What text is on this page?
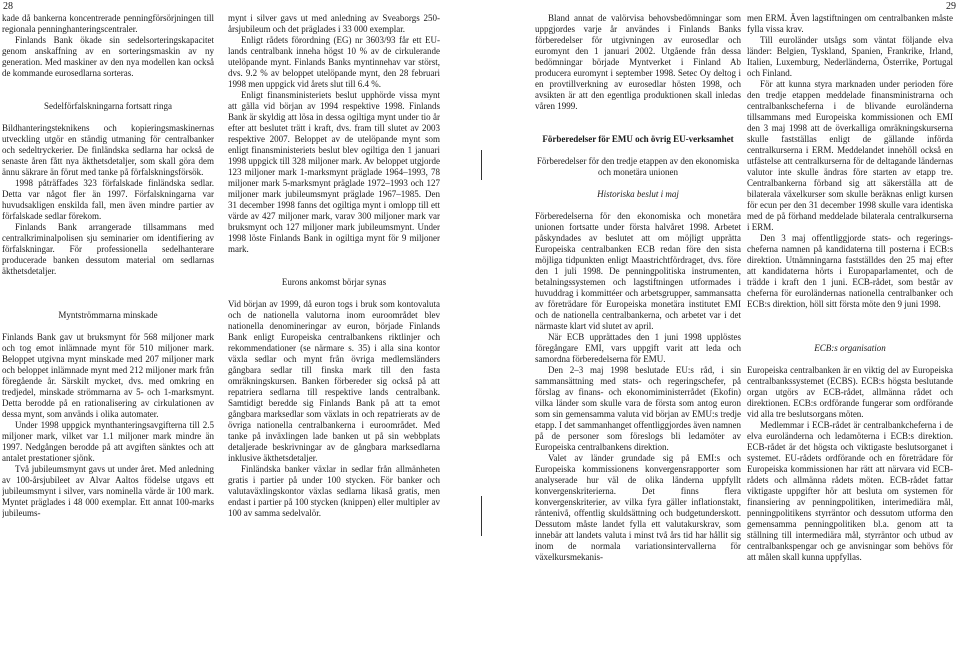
28	29

kade då bankerna koncentrerade penningförsörjningen till regionala penninghanteringscentraler.

Finlands Bank ökade sin sedelsorteringskapacitet genom anskaffning av en sorteringsmaskin av ny generation. Med maskiner av den nya modellen kan också de kommande eurosedlarna sorteras.

Sedelförfalskningarna fortsatt ringa

Bildhanteringsteknikens och kopieringsmaskinernas utveckling utgör en ständig utmaning för centralbanker och sedeltryckerier. De finländska sedlarna har också de senaste åren fått nya äkthetsdetaljer, som skall göra dem ännu säkrare än förut med tanke på förfalskningsförsök.

1998 påträffades 323 förfalskade finländska sedlar. Detta var något fler än 1997. Förfalskningarna var huvudsakligen enskilda fall, men även mindre partier av förfalskade sedlar förekom.

Finlands Bank arrangerade tillsammans med centralkriminalpolisen sju seminarier om identifiering av förfalskningar. För professionella sedelhanterare producerade banken dessutom material om sedlarnas äkthetsdetaljer.

Myntströmmarna minskade

Finlands Bank gav ut bruksmynt för 568 miljoner mark och tog emot inlämnade mynt för 510 miljoner mark. Beloppet utgivna mynt minskade med 207 miljoner mark och beloppet inlämnade mynt med 212 miljoner mark från föregående år. Särskilt mycket, dvs. med omkring en tredjedel, minskade strömmarna av 5- och 1-marksmynt. Detta berodde på en rationalisering av cirkulationen av dessa mynt, som används i olika automater.

Under 1998 uppgick mynthanteringsavgifterna till 2.5 miljoner mark, vilket var 1.1 miljoner mark mindre än 1997. Nedgången berodde på att avgiften sänktes och att antalet prestationer sjönk.

Två jubileumsmynt gavs ut under året. Med anledning av 100-årsjubileet av Alvar Aaltos födelse utgavs ett jubileumsmynt i silver, vars nominella värde är 100 mark. Myntet präglades i 48 000 exemplar. Ett annat 100-marks jubileums-

mynt i silver gavs ut med anledning av Sveaborgs 250-årsjubileum och det präglades i 33 000 exemplar.

Enligt rådets förordning (EG) nr 3603/93 får ett EU-lands centralbank inneha högst 10 % av de cirkulerande utelöpande mynt. Finlands Banks myntinnehav var störst, dvs. 9.2 % av beloppet utelöpande mynt, den 28 februari 1998 men uppgick vid årets slut till 6.4 %.

Enligt finansministeriets beslut upphörde vissa mynt att gälla vid början av 1994 respektive 1998. Finlands Bank är skyldig att lösa in dessa ogiltiga mynt under tio år efter att beslutet trätt i kraft, dvs. fram till slutet av 2003 respektive 2007. Beloppet av de utelöpande mynt som enligt finansministeriets beslut blev ogiltiga den 1 januari 1998 uppgick till 328 miljoner mark. Av beloppet utgjorde 123 miljoner mark 1-marksmynt präglade 1964–1993, 78 miljoner mark 5-marksmynt präglade 1972–1993 och 127 miljoner mark jubileumsmynt präglade 1967–1985. Den 31 december 1998 fanns det ogiltiga mynt i omlopp till ett värde av 427 miljoner mark, varav 300 miljoner mark var bruksmynt och 127 miljoner mark jubileumsmynt. Under 1998 löste Finlands Bank in ogiltiga mynt för 9 miljoner mark.

Eurons ankomst börjar synas

Vid början av 1999, då euron togs i bruk som kontovaluta och de nationella valutorna inom euroområdet blev nationella denomineringar av euron, började Finlands Bank enligt Europeiska centralbankens riktlinjer och rekommendationer (se närmare s. 35) i alla sina kontor växla sedlar och mynt från övriga medlemsländers gångbara sedlar till finska mark till den fasta omräkningskursen. Banken förbereder sig också på att repatriera sedlarna till respektive lands centralbank. Samtidigt beredde sig Finlands Bank på att ta emot gångbara marksedlar som växlats in och repatrierats av de övriga nationella centralbankerna i euroområdet. Med tanke på inväxlingen lade banken ut på sin webbplats detaljerade beskrivningar av de gångbara marksedlarna inklusive äkthetsdetaljer.

Finländska banker växlar in sedlar från allmänheten gratis i partier på under 100 stycken. För banker och valutaväxlingskontor växlas sedlarna likaså gratis, men endast i partier på 100 stycken (knippen) eller multipler av 100 av samma sedelvalör.

Bland annat de valörvisa behovsbedömningar som uppgjordes varje år användes i Finlands Banks förberedelser för utgivningen av eurosedlar och euromynt den 1 januari 2002. Utgående från dessa bedömningar började Myntverket i Finland Ab producera euromynt i september 1998. Setec Oy deltog i en provtillverkning av eurosedlar hösten 1998, och avsikten är att den egentliga produktionen skall inledas våren 1999.

Förberedelser för EMU och övrig EU-verksamhet

Förberedelser för den tredje etappen av den ekonomiska och monetära unionen

Historiska beslut i maj

Förberedelserna för den ekonomiska och monetära unionen fortsatte under första halvåret 1998. Arbetet påskyndades av beslutet att om möjligt upprätta Europeiska centralbanken ECB redan före den sista möjliga tidpunkten enligt Maastrichtfördraget, dvs. före den 1 juli 1998. De penningpolitiska instrumenten, betalningssystemen och lagstiftningen utformades i huvuddrag i kommittéer och arbetsgrupper, sammansatta av företrädare för Europeiska monetära institutet EMI och de nationella centralbankerna, och arbetet var i det närmaste klart vid slutet av april.

När ECB upprättades den 1 juni 1998 upplöstes föregångare EMI, vars uppgift varit att leda och samordna förberedelserna för EMU.

Den 2–3 maj 1998 beslutade EU:s råd, i sin sammansättning med stats- och regeringschefer, på förslag av finans- och ekonomiministerrådet (Ekofin) vilka länder som skulle vara de första som antog euron som sin gemensamma valuta vid början av EMU:s tredje etapp. I det sammanhanget offentliggjordes även namnen på de personer som föreslogs bli ledamöter av Europeiska centralbankens direktion.

Valet av länder grundade sig på EMI:s och Europeiska kommissionens konvergensrapporter som analyserade hur väl de olika länderna uppfyllt konvergenskriterierna. Det finns flera konvergenskriterier, av vilka fyra gäller inflationstakt, räntenivå, offentlig skuldsättning och budgetunderskott. Dessutom måste landet fylla ett valutakurskrav, som innebär att landets valuta i minst två års tid har hållit sig inom de normala variationsintervallerna för växelkursmekanis-

men ERM. Även lagstiftningen om centralbanken måste fylla vissa krav.

Till euroländer utsågs som väntat följande elva länder: Belgien, Tyskland, Spanien, Frankrike, Irland, Italien, Luxemburg, Nederländerna, Österrike, Portugal och Finland.

För att kunna styra marknaden under perioden före den tredje etappen meddelade finansministrarna och centralbankscheferna i de blivande euroländerna tillsammans med Europeiska kommissionen och EMI den 3 maj 1998 att de överkalliga omräkningskurserna skulle fastställas enligt de gällande införda centralkurserna i ERM. Meddelandet innehöll också en utfästelse att centralkurserna för de deltagande ländernas valutor inte skulle ändras före starten av etapp tre. Centralbankerna förband sig att säkerställa att de bilaterala växelkurser som skulle beräknas enligt kursen för ecun per den 31 december 1998 skulle vara identiska med de på förhand meddelade bilaterala centralkurserna i ERM.

Den 3 maj offentliggjorde stats- och regeringscheferna namnen på kandidaterna till posterna i ECB:s direktion. Utnämningarna fastställdes den 25 maj efter att kandidaterna hörts i Europaparlamentet, och de trädde i kraft den 1 juni. ECB-rådet, som består av cheferna för euroländernas nationella centralbanker och ECB:s direktion, höll sitt första möte den 9 juni 1998.

ECB:s organisation

Europeiska centralbanken är en viktig del av Europeiska centralbankssystemet (ECBS). ECB:s högsta beslutande organ utgörs av ECB-rådet, allmänna rådet och direktionen. ECB:s ordförande fungerar som ordförande vid alla tre beslutsorgans möten.

Medlemmar i ECB-rådet är centralbankcheferna i de elva euroländerna och ledamöterna i ECB:s direktion. ECB-rådet är det högsta och viktigaste beslutsorganet i systemet. EU-rådets ordförande och en företrädare för Europeiska kommissionen har rätt att närvara vid ECB-rådets och allmänna rådets möten. ECB-rådet fattar viktigaste uppgifter hör att besluta om systemen för finansiering av penningpolitiken, interimediära mål, penningpolitikens styrräntor och dessutom utforma den gemensamma penningpolitiken bl.a. genom att ta ställning till intermediära mål, styrräntor och utbud av centralbankspengar och ge anvisningar som behövs för att målen skall kunna uppfyllas.
